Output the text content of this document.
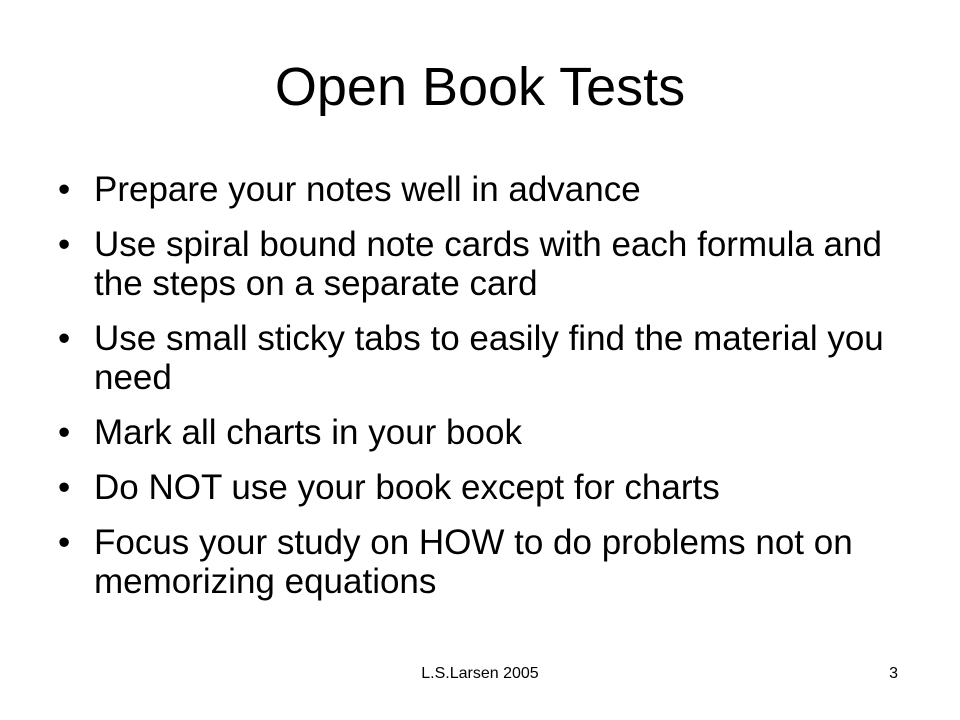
Open Book Tests
• Prepare your notes well in advance
• Use spiral bound note cards with each formula and the steps on a separate card
• Use small sticky tabs to easily find the material you need
• Mark all charts in your book
• Do NOT use your book except for charts
• Focus your study on HOW to do problems not on memorizing equations
L.S.Larsen 2005	3
